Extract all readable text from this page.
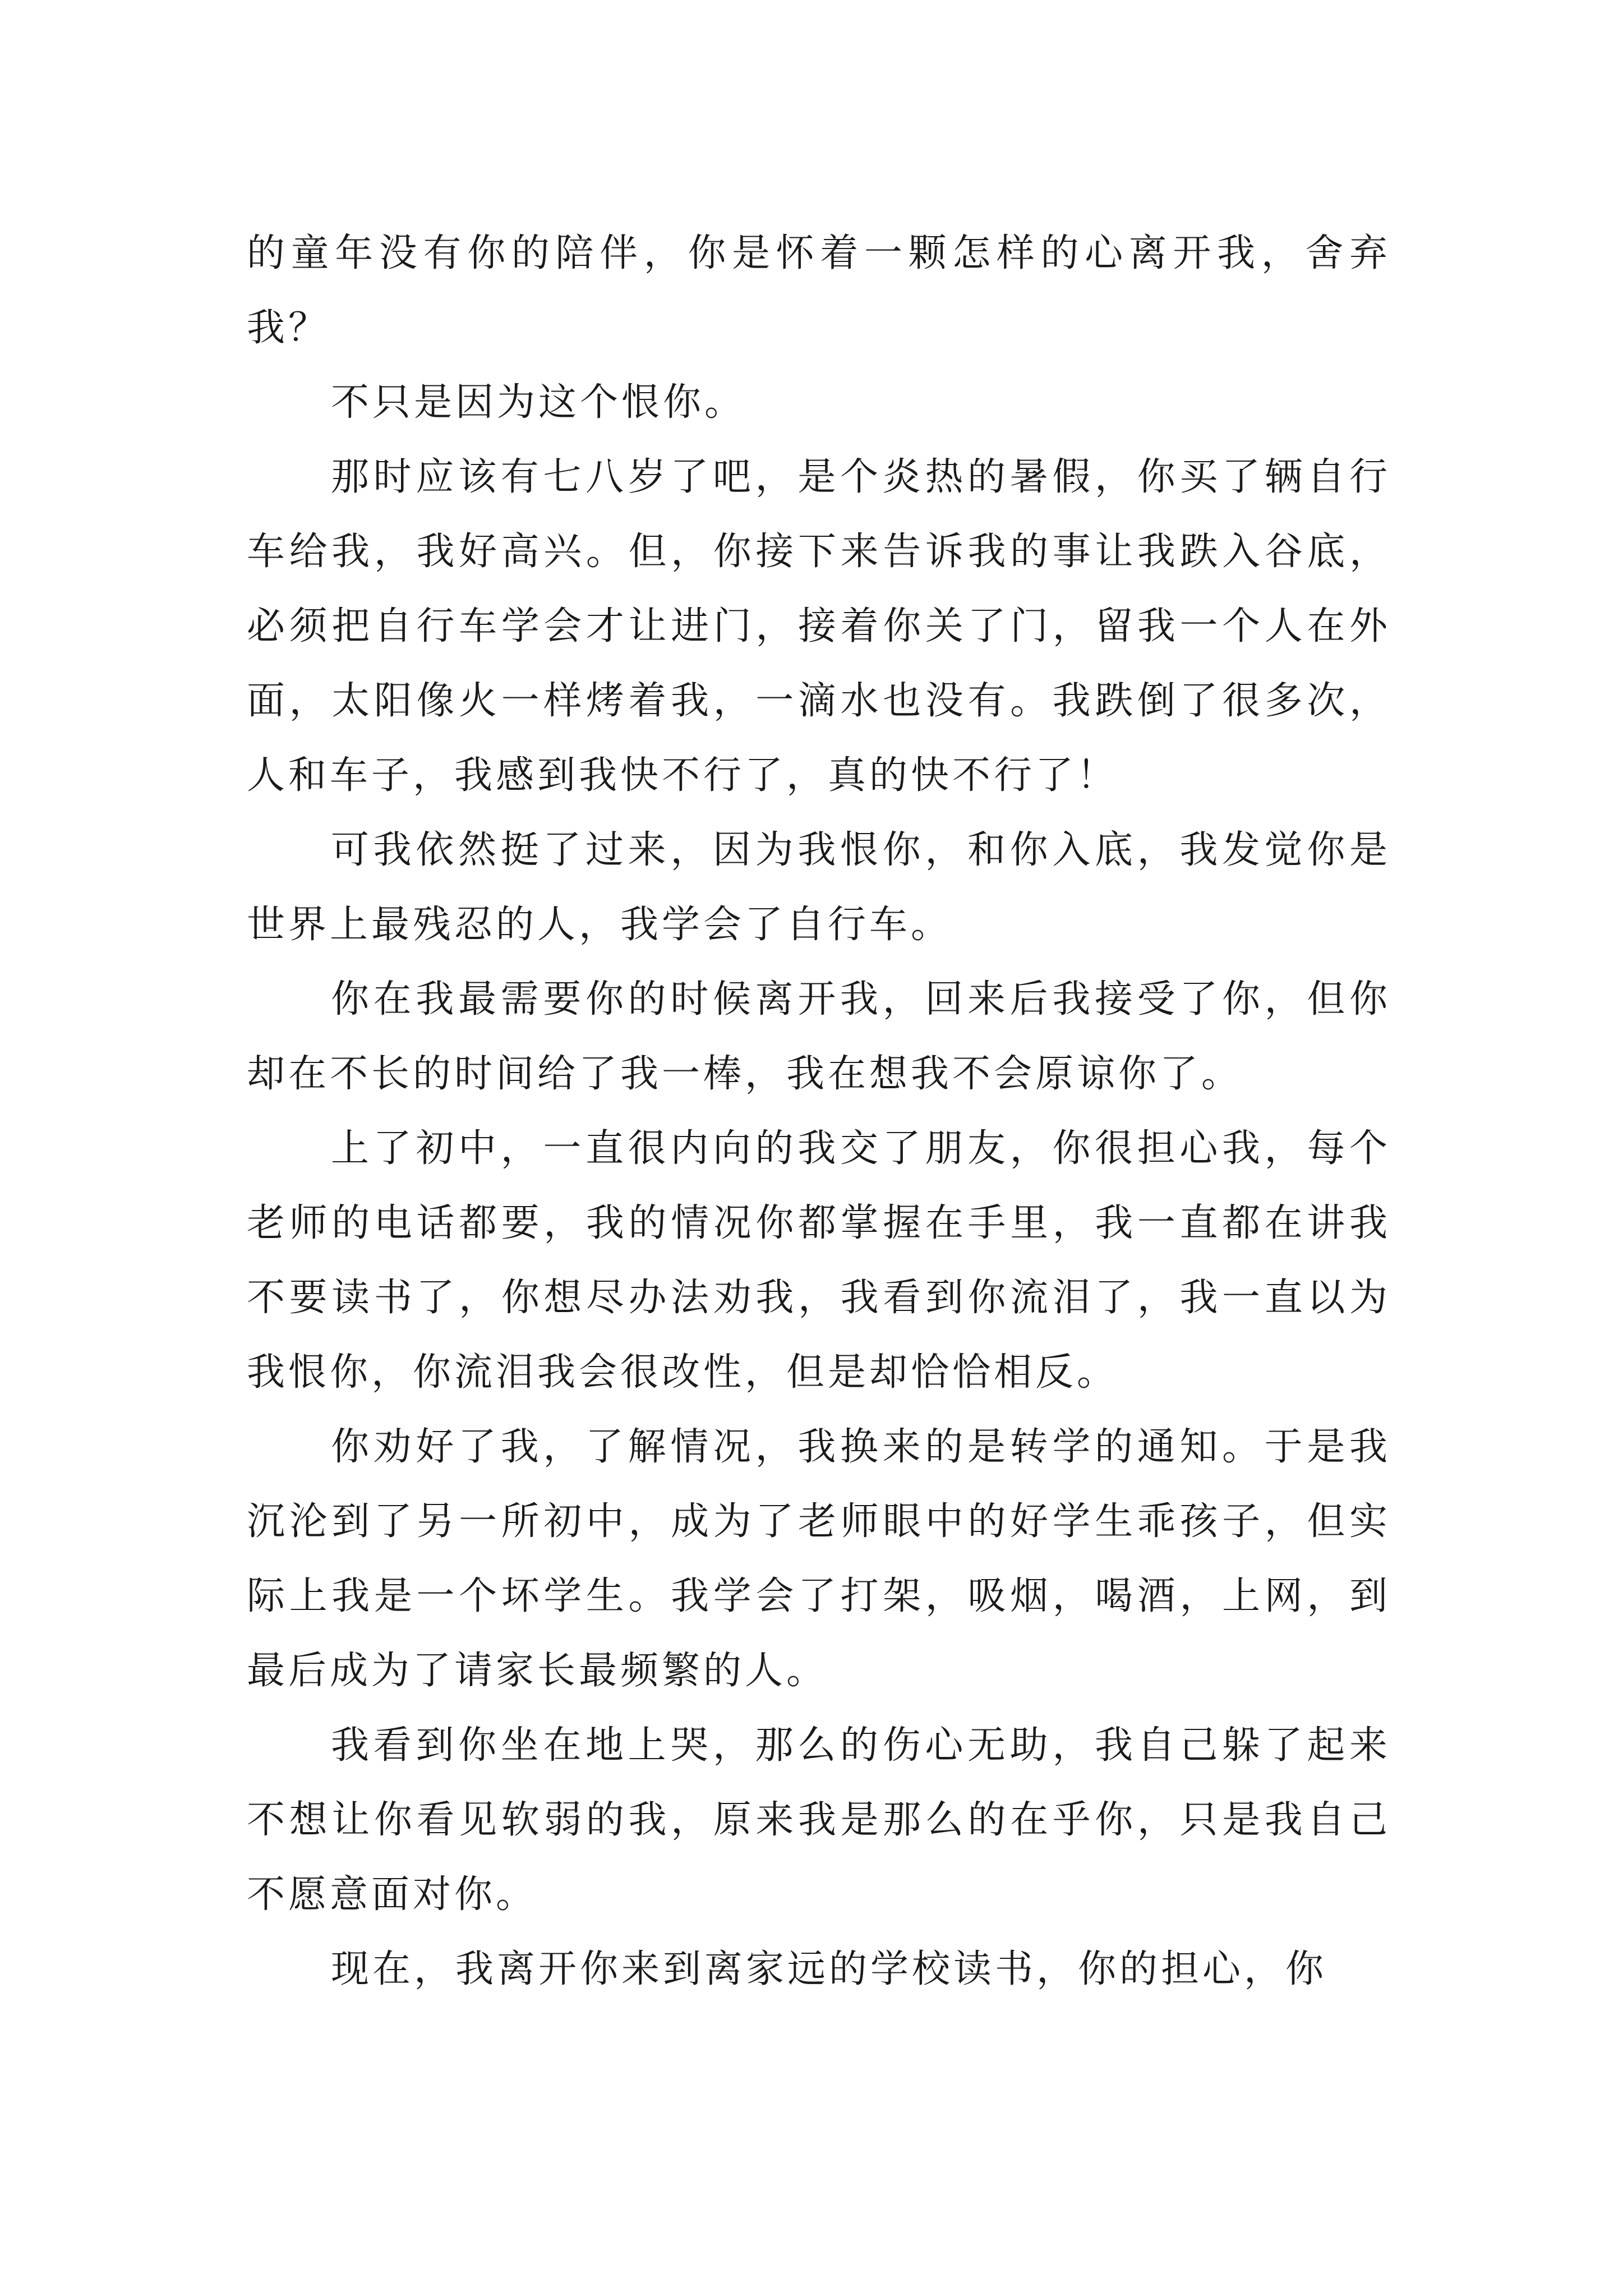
的童年没有你的陪伴，你是怀着一颗怎样的心离开我，舍弃我？

不只是因为这个恨你。

那时应该有七八岁了吧，是个炎热的暑假，你买了辆自行车给我，我好高兴。但，你接下来告诉我的事让我跌入谷底，必须把自行车学会才让进门，接着你关了门，留我一个人在外面，太阳像火一样烤着我，一滴水也没有。我跌倒了很多次，人和车子，我感到我快不行了，真的快不行了！

可我依然挺了过来，因为我恨你，和你入底，我发觉你是世界上最残忍的人，我学会了自行车。

你在我最需要你的时候离开我，回来后我接受了你，但你却在不长的时间给了我一棒，我在想我不会原谅你了。

上了初中，一直很内向的我交了朋友，你很担心我，每个老师的电话都要，我的情况你都掌握在手里，我一直都在讲我不要读书了，你想尽办法劝我，我看到你流泪了，我一直以为我恨你，你流泪我会很改性，但是却恰恰相反。

你劝好了我，了解情况，我换来的是转学的通知。于是我沉沦到了另一所初中，成为了老师眼中的好学生乖孩子，但实际上我是一个坏学生。我学会了打架，吸烟，喝酒，上网，到最后成为了请家长最频繁的人。

我看到你坐在地上哭，那么的伤心无助，我自己躲了起来不想让你看见软弱的我，原来我是那么的在乎你，只是我自己不愿意面对你。

现在，我离开你来到离家远的学校读书，你的担心，你
